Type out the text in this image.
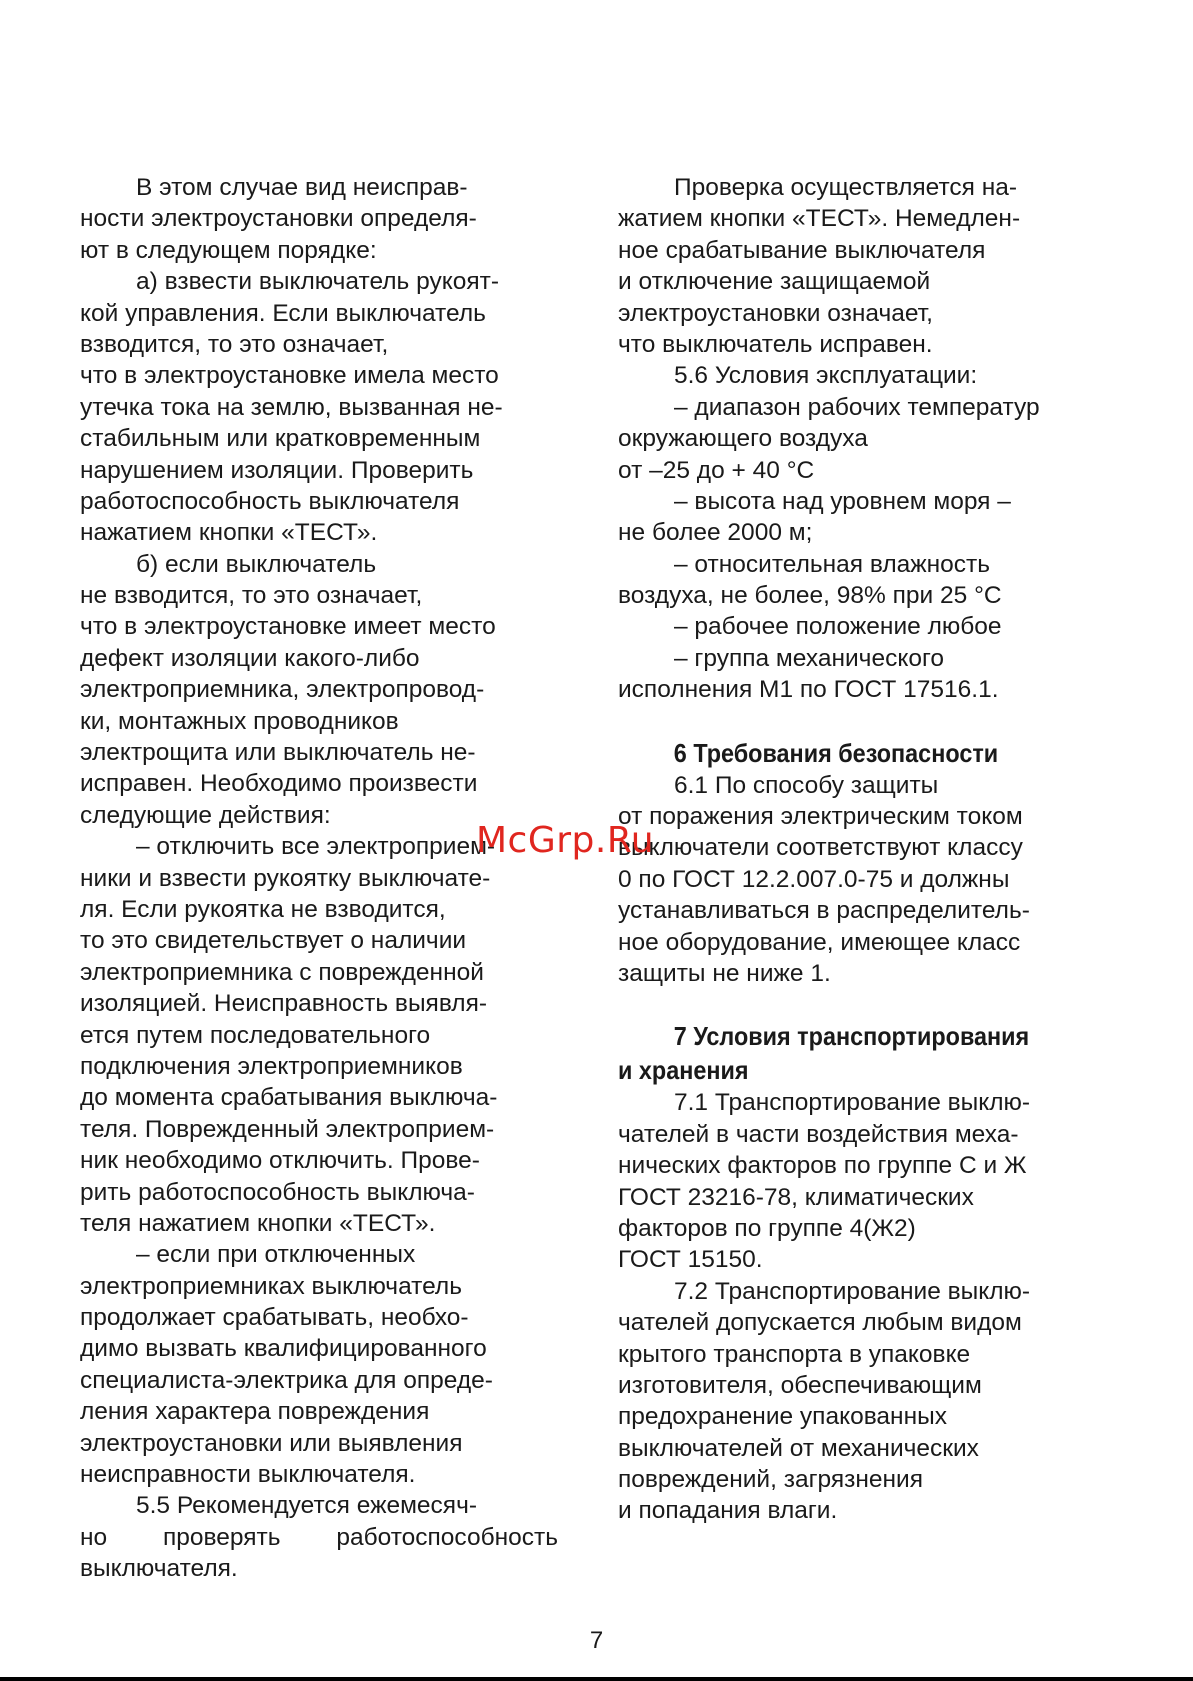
В этом случае вид неисправ-
ности электроустановки определя-
ют в следующем порядке:
а) взвести выключатель рукоят-
кой управления. Если выключатель
взводится, то это означает,
что в электроустановке имела место
утечка тока на землю, вызванная не-
стабильным или кратковременным
нарушением изоляции. Проверить
работоспособность выключателя
нажатием кнопки «ТЕСТ».
б) если выключатель
не взводится, то это означает,
что в электроустановке имеет место
дефект изоляции какого-либо
электроприемника, электропровод-
ки, монтажных проводников
электрощита или выключатель не-
исправен. Необходимо произвести
следующие действия:
– отключить все электроприем-
ники и взвести рукоятку выключате-
ля. Если рукоятка не взводится,
то это свидетельствует о наличии
электроприемника с поврежденной
изоляцией. Неисправность выявля-
ется путем последовательного
подключения электроприемников
до момента срабатывания выключа-
теля. Поврежденный электроприем-
ник необходимо отключить. Прове-
рить работоспособность выключа-
теля нажатием кнопки «ТЕСТ».
– если при отключенных
электроприемниках выключатель
продолжает срабатывать, необхо-
димо вызвать квалифицированного
специалиста-электрика для опреде-
ления характера повреждения
электроустановки или выявления
неисправности выключателя.
5.5 Рекомендуется ежемесяч-
но проверять работоспособность
выключателя.
Проверка осуществляется на-
жатием кнопки «ТЕСТ». Немедлен-
ное срабатывание выключателя
и отключение защищаемой
электроустановки означает,
что выключатель исправен.
5.6 Условия эксплуатации:
– диапазон рабочих температур
окружающего воздуха
от –25 до + 40 °С
– высота над уровнем моря –
не более 2000 м;
– относительная влажность
воздуха, не более, 98% при 25 °С
– рабочее положение любое
– группа механического
исполнения М1 по ГОСТ 17516.1.
6 Требования безопасности
6.1 По способу защиты
от поражения электрическим током
выключатели соответствуют классу
0 по ГОСТ 12.2.007.0-75 и должны
устанавливаться в распределитель-
ное оборудование, имеющее класс
защиты не ниже 1.
7 Условия транспортирования
и хранения
7.1 Транспортирование выклю-
чателей в части воздействия меха-
нических факторов по группе С и Ж
ГОСТ 23216-78, климатических
факторов по группе 4(Ж2)
ГОСТ 15150.
7.2 Транспортирование выклю-
чателей допускается любым видом
крытого транспорта в упаковке
изготовителя, обеспечивающим
предохранение упакованных
выключателей от механических
повреждений, загрязнения
и попадания влаги.
McGrp.Ru
7
